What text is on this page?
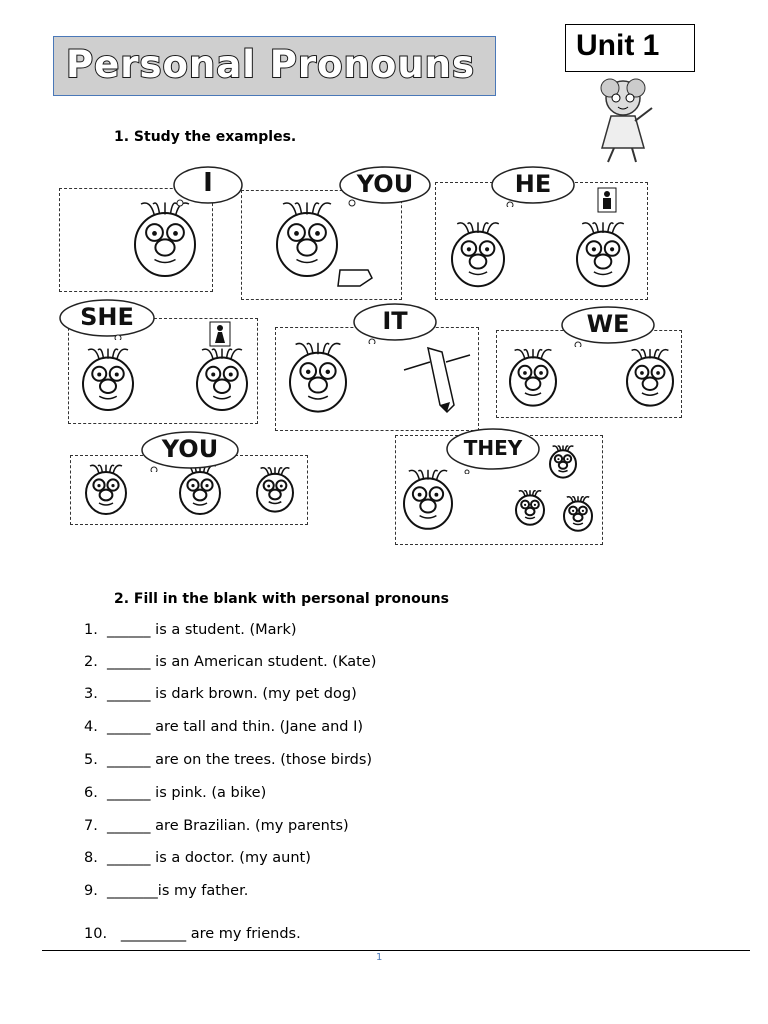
Personal Pronouns	Unit 1
1. Study the examples.
I	YOU	HE
SHE	IT	WE
YOU	THEY
2. Fill in the blank with personal pronouns
1.  ______ is a student. (Mark)
2.  ______ is an American student. (Kate)
3.  ______ is dark brown. (my pet dog)
4.  ______ are tall and thin. (Jane and I)
5.  ______ are on the trees. (those birds)
6.  ______ is pink. (a bike)
7.  ______ are Brazilian. (my parents)
8.  ______ is a doctor. (my aunt)
9.  _______is my father.
10.   _________ are my friends.
1
